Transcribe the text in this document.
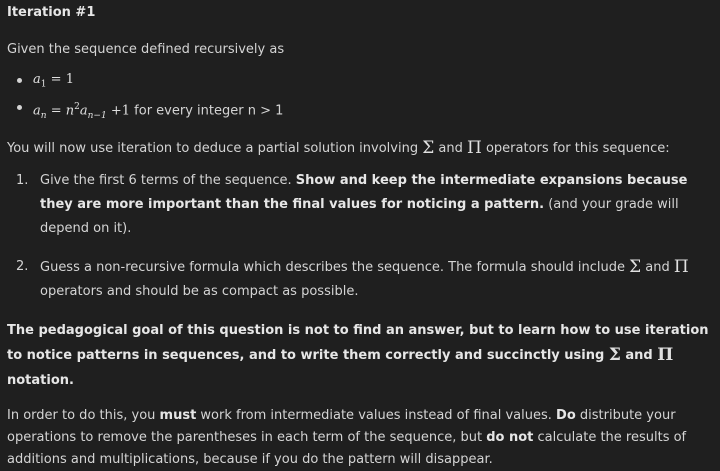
Iteration #1

Given the sequence defined recursively as

$a_1 = 1$
$a_n = n^2a_{n-1} +1$ for every integer n > 1

You will now use iteration to deduce a partial solution involving Σ and Π operators for this sequence:

1. Give the first 6 terms of the sequence. Show and keep the intermediate expansions because they are more important than the final values for noticing a pattern. (and your grade will depend on it).
2. Guess a non-recursive formula which describes the sequence. The formula should include Σ and Π operators and should be as compact as possible.

The pedagogical goal of this question is not to find an answer, but to learn how to use iteration to notice patterns in sequences, and to write them correctly and succinctly using Σ and Π notation.

In order to do this, you must work from intermediate values instead of final values. Do distribute your operations to remove the parentheses in each term of the sequence, but do not calculate the results of additions and multiplications, because if you do the pattern will disappear.
